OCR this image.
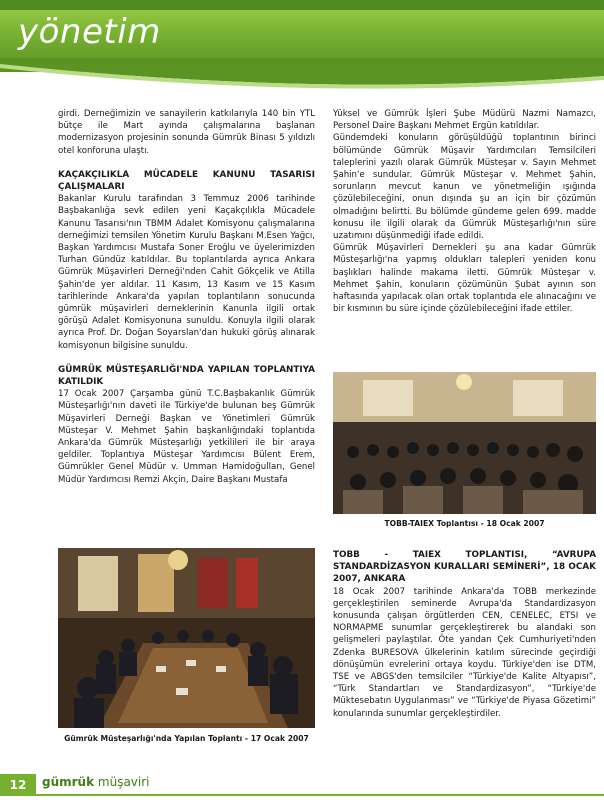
yönetim

girdi. Derneğimizin ve sanayilerin katkılarıyla 140 bin YTL bütçe ile Mart ayında çalışmalarına başlanan modernizasyon projesinin sonunda Gümrük Binası 5 yıldızlı otel konforuna ulaştı.

KAÇAKÇILIKLA MÜCADELE KANUNU TASARISI ÇALIŞMALARI

Bakanlar Kurulu tarafından 3 Temmuz 2006 tarihinde Başbakanlığa sevk edilen yeni Kaçakçılıkla Mücadele Kanunu Tasarısı'nın TBMM Adalet Komisyonu çalışmalarına derneğimizi temsilen Yönetim Kurulu Başkanı M.Esen Yağcı, Başkan Yardımcısı Mustafa Soner Eroğlu ve üyelerimizden Turhan Gündüz katıldılar. Bu toplantılarda ayrıca Ankara Gümrük Müşavirleri Derneği'nden Cahit Gökçelik ve Atilla Şahin'de yer aldılar. 11 Kasım, 13 Kasım ve 15 Kasım tarihlerinde Ankara'da yapılan toplantıların sonucunda gümrük müşavirleri derneklerinin Kanunla ilgili ortak görüşü Adalet Komisyonuna sunuldu. Konuyla ilgili olarak ayrıca Prof. Dr. Doğan Soyarslan'dan hukuki görüş alınarak komisyonun bilgisine sunuldu.

GÜMRÜK MÜSTEŞARLIĞI'NDA YAPILAN TOPLANTIYA KATILDIK

17 Ocak 2007 Çarşamba günü T.C.Başbakanlık Gümrük Müsteşarlığı'nın daveti ile Türkiye'de bulunan beş Gümrük Müşavirleri Derneği Başkan ve Yönetimleri Gümrük Müsteşar V. Mehmet Şahin başkanlığındaki toplantıda Ankara'da Gümrük Müsteşarlığı yetkilileri ile bir araya geldiler. Toplantıya Müsteşar Yardımcısı Bülent Erem, Gümrükler Genel Müdür v. Umman Hamidoğulları, Genel Müdür Yardımcısı Remzi Akçin, Daire Başkanı Mustafa

Gümrük Müsteşarlığı'nda Yapılan Toplantı - 17 Ocak 2007

Yüksel ve Gümrük İşleri Şube Müdürü Nazmi Namazcı, Personel Daire Başkanı Mehmet Ergün katıldılar.

Gündemdeki konuların görüşüldüğü toplantının birinci bölümünde Gümrük Müşavir Yardımcıları Temsilcileri taleplerini yazılı olarak Gümrük Müsteşar v. Sayın Mehmet Şahin'e sundular. Gümrük Müsteşar v. Mehmet Şahin, sorunların mevcut kanun ve yönetmeliğin ışığında çözülebileceğini, onun dışında şu an için bir çözümün olmadığını belirtti. Bu bölümde gündeme gelen 699. madde konusu ile ilgili olarak da Gümrük Müsteşarlığı'nın süre uzatımını düşünmediği ifade edildi.

Gümrük Müşavirleri Dernekleri şu ana kadar Gümrük Müsteşarlığı'na yapmış oldukları talepleri yeniden konu başlıkları halinde makama iletti. Gümrük Müsteşar v. Mehmet Şahin, konuların çözümünün Şubat ayının son haftasında yapılacak olan ortak toplantıda ele alınacağını ve bir kısmının bu süre içinde çözülebileceğini ifade ettiler.

TOBB-TAIEX Toplantısı - 18 Ocak 2007

TOBB - TAIEX TOPLANTISI, “AVRUPA STANDARDİZASYON KURALLARI SEMİNERİ”, 18 OCAK 2007, ANKARA

18 Ocak 2007 tarihinde Ankara'da TOBB merkezinde gerçekleştirilen seminerde Avrupa'da Standardizasyon konusunda çalışan örgütlerden CEN, CENELEC, ETSI ve NORMAPME sunumlar gerçekleştirerek bu alandaki son gelişmeleri paylaştılar. Öte yandan Çek Cumhuriyeti'nden Zdenka BURESOVA ülkelerinin katılım sürecinde geçirdiği dönüşümün evrelerini ortaya koydu. Türkiye'den ise DTM, TSE ve ABGS'den temsilciler “Türkiye'de Kalite Altyapısı”, “Türk Standartları ve Standardizasyon”, “Türkiye'de Müktesebatın Uygulanması” ve “Türkiye'de Piyasa Gözetimi” konularında sunumlar gerçekleştirdiler.

12	gümrük müşaviri
